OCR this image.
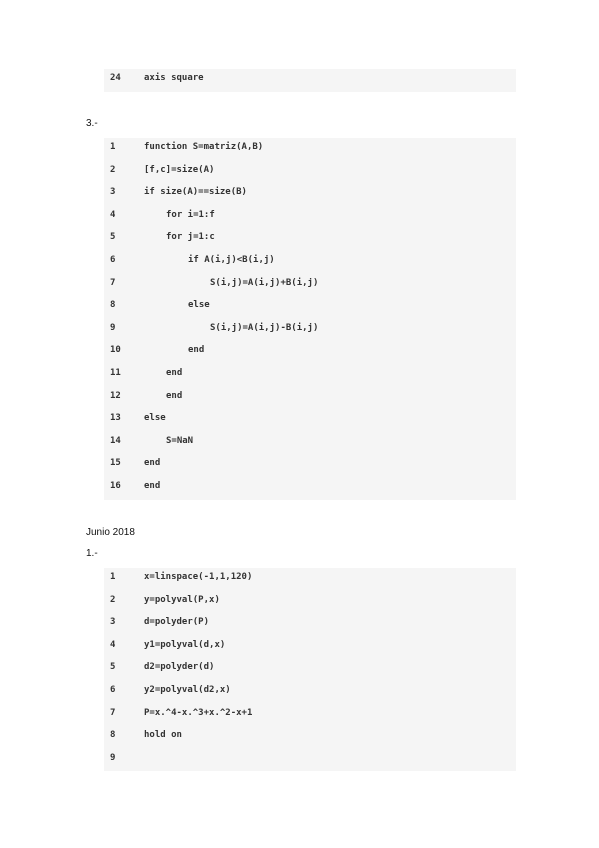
24	axis square
3.-
1	function S=matriz(A,B)
2	[f,c]=size(A)
3	if size(A)==size(B)
4	for i=1:f
5	for j=1:c
6	if A(i,j)<B(i,j)
7	S(i,j)=A(i,j)+B(i,j)
8	else
9	S(i,j)=A(i,j)-B(i,j)
10	end
11	end
12	end
13	else
14	S=NaN
15	end
16	end
Junio 2018
1.-
1	x=linspace(-1,1,120)
2	y=polyval(P,x)
3	d=polyder(P)
4	y1=polyval(d,x)
5	d2=polyder(d)
6	y2=polyval(d2,x)
7	P=x.^4-x.^3+x.^2-x+1
8	hold on
9
